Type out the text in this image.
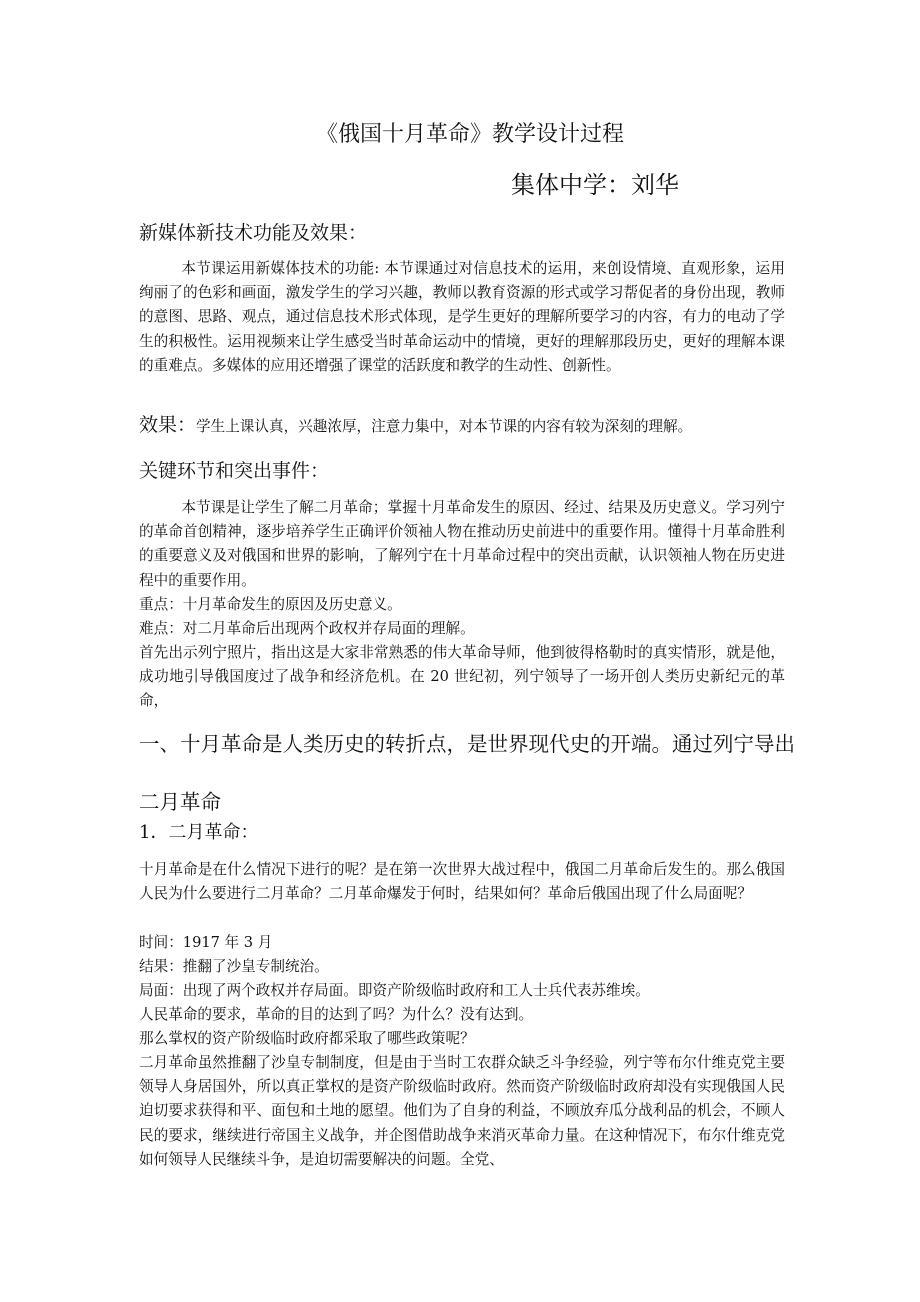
《俄国十月革命》教学设计过程
集体中学：刘华
新媒体新技术功能及效果：
本节课运用新媒体技术的功能: 本节课通过对信息技术的运用，来创设情境、直观形象，运用绚丽了的色彩和画面，激发学生的学习兴趣，教师以教育资源的形式或学习帮促者的身份出现，教师的意图、思路、观点，通过信息技术形式体现，是学生更好的理解所要学习的内容，有力的电动了学生的积极性。运用视频来让学生感受当时革命运动中的情境，更好的理解那段历史，更好的理解本课的重难点。多媒体的应用还增强了课堂的活跃度和教学的生动性、创新性。
效果：学生上课认真，兴趣浓厚，注意力集中，对本节课的内容有较为深刻的理解。
关键环节和突出事件：
本节课是让学生了解二月革命；掌握十月革命发生的原因、经过、结果及历史意义。学习列宁的革命首创精神，逐步培养学生正确评价领袖人物在推动历史前进中的重要作用。懂得十月革命胜利的重要意义及对俄国和世界的影响，了解列宁在十月革命过程中的突出贡献，认识领袖人物在历史进程中的重要作用。
重点：十月革命发生的原因及历史意义。
难点：对二月革命后出现两个政权并存局面的理解。
首先出示列宁照片，指出这是大家非常熟悉的伟大革命导师，他到彼得格勒时的真实情形，就是他，成功地引导俄国度过了战争和经济危机。在 20 世纪初，列宁领导了一场开创人类历史新纪元的革命，
一、十月革命是人类历史的转折点，是世界现代史的开端。通过列宁导出二月革命
1．二月革命：
十月革命是在什么情况下进行的呢？是在第一次世界大战过程中，俄国二月革命后发生的。那么俄国人民为什么要进行二月革命？二月革命爆发于何时，结果如何？革命后俄国出现了什么局面呢？
时间：1917 年 3 月
结果：推翻了沙皇专制统治。
局面：出现了两个政权并存局面。即资产阶级临时政府和工人士兵代表苏维埃。
人民革命的要求，革命的目的达到了吗？为什么？没有达到。
那么掌权的资产阶级临时政府都采取了哪些政策呢？
二月革命虽然推翻了沙皇专制制度，但是由于当时工农群众缺乏斗争经验，列宁等布尔什维克党主要领导人身居国外，所以真正掌权的是资产阶级临时政府。然而资产阶级临时政府却没有实现俄国人民迫切要求获得和平、面包和土地的愿望。他们为了自身的利益，不顾放弃瓜分战利品的机会，不顾人民的要求，继续进行帝国主义战争，并企图借助战争来消灭革命力量。在这种情况下，布尔什维克党如何领导人民继续斗争，是迫切需要解决的问题。全党、
